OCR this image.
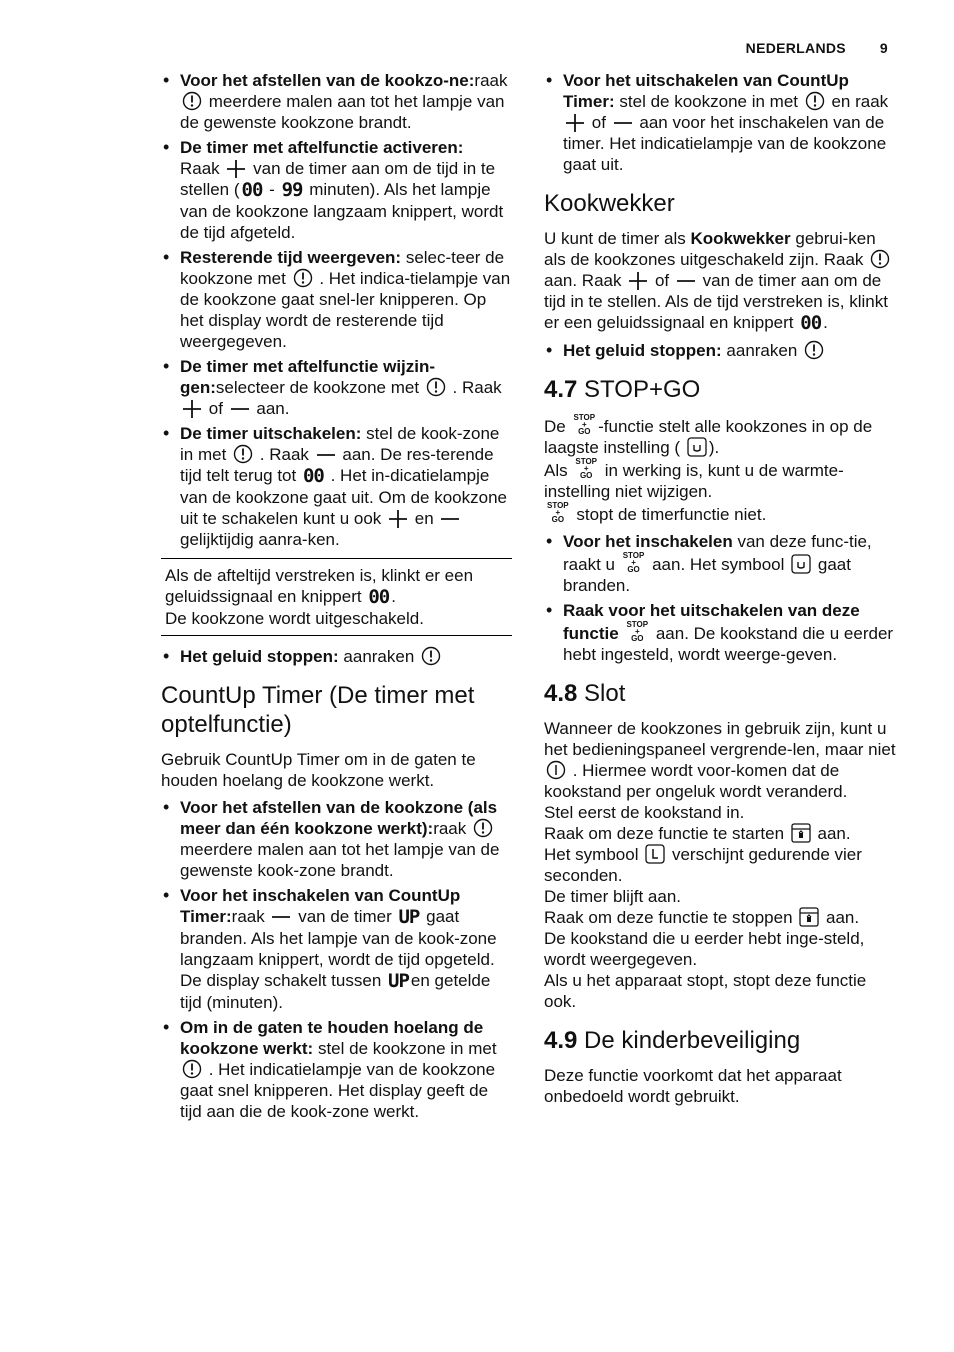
NEDERLANDS 9
• Voor het afstellen van de kookzo-ne:raak
meerdere malen aan tot het lampje van de gewenste kookzone brandt.
• De timer met aftelfunctie activeren:
Raak van de timer aan om de tijd in te stellen ( 00 - 99 minuten). Als het lampje van de kookzone langzaam knippert, wordt de tijd afgeteld.
• Resterende tijd weergeven: selec-teer de kookzone met . Het indica-tielampje van de kookzone gaat snel-ler knipperen. Op het display wordt de resterende tijd weergegeven.
• De timer met aftelfunctie wijzin-gen:selecteer de kookzone met . Raak
of aan.
• De timer uitschakelen: stel de kook-zone in met . Raak aan. De res-terende tijd telt terug tot 00 . Het in-dicatielampje van de kookzone gaat uit. Om de kookzone uit te schakelen kunt u ook en
gelijktijdig aanra-ken.
Als de afteltijd verstreken is, klinkt er een geluidssignaal en knippert 00 .
De kookzone wordt uitgeschakeld.
• Het geluid stoppen: aanraken
CountUp Timer (De timer met optelfunctie)

Gebruik CountUp Timer om in de gaten te houden hoelang de kookzone werkt.

• Voor het afstellen van de kookzone (als meer dan één kookzone werkt):raak
meerdere malen aan tot het lampje van de gewenste kook-zone brandt.
• Voor het inschakelen van CountUp Timer:raak van de timer UP gaat branden. Als het lampje van de kook-zone langzaam knippert, wordt de tijd opgeteld. De display schakelt tussen UP en getelde tijd (minuten).
• Om in de gaten te houden hoelang de kookzone werkt: stel de kookzone in met
. Het indicatielampje van de kookzone gaat snel knipperen. Het display geeft de tijd aan die de kook-zone werkt.
• Voor het uitschakelen van CountUp Timer: stel de kookzone in met en raak
of aan voor het inschakelen van de timer. Het indicatielampje van de kookzone gaat uit.
Kookwekker

U kunt de timer als Kookwekker gebrui-ken als de kookzones uitgeschakeld zijn. Raak
aan. Raak of van de timer aan om de tijd in te stellen. Als de tijd verstreken is, klinkt er een geluidssignaal en knippert 00 .

• Het geluid stoppen: aanraken
4.7 STOP+GO

De STOP
+
GO -functie stelt alle kookzones in op de laagste instelling ( ).
Als STOP
+
GO in werking is, kunt u de warmte-instelling niet wijzigen.
STOP
+
GO stopt de timerfunctie niet.

• Voor het inschakelen van deze func-tie, raakt u STOP
+
GO aan. Het symbool gaat branden.
• Raak voor het uitschakelen van deze functie STOP
+
GO aan. De kookstand die u eerder hebt ingesteld, wordt weerge-geven.
4.8 Slot

Wanneer de kookzones in gebruik zijn, kunt u het bedieningspaneel vergrende-len, maar niet
. Hiermee wordt voor-komen dat de kookstand per ongeluk wordt veranderd.
Stel eerst de kookstand in.
Raak om deze functie te starten aan.
Het symbool verschijnt gedurende vier seconden.
De timer blijft aan.
Raak om deze functie te stoppen aan.
De kookstand die u eerder hebt inge-steld, wordt weergegeven.
Als u het apparaat stopt, stopt deze functie ook.

4.9 De kinderbeveiliging

Deze functie voorkomt dat het apparaat onbedoeld wordt gebruikt.
